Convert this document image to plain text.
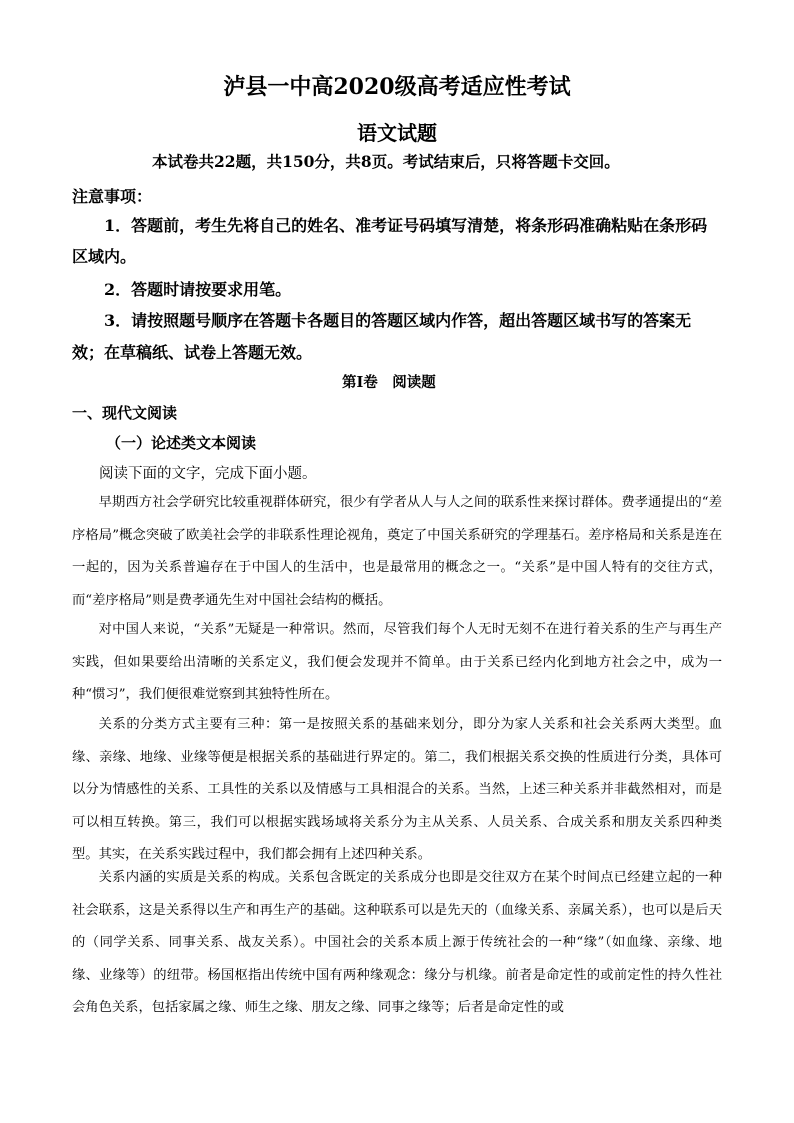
泸县一中高2020级高考适应性考试
语文试题
本试卷共22题，共150分，共8页。考试结束后，只将答题卡交回。
注意事项：
1．答题前，考生先将自己的姓名、准考证号码填写清楚，将条形码准确粘贴在条形码
区域内。
2．答题时请按要求用笔。
3．请按照题号顺序在答题卡各题目的答题区域内作答，超出答题区域书写的答案无
效；在草稿纸、试卷上答题无效。
第Ⅰ卷　阅读题
一、现代文阅读
（一）论述类文本阅读
阅读下面的文字，完成下面小题。
早期西方社会学研究比较重视群体研究，很少有学者从人与人之间的联系性来探讨群体。费孝通提出的“差序格局”概念突破了欧美社会学的非联系性理论视角，奠定了中国关系研究的学理基石。差序格局和关系是连在一起的，因为关系普遍存在于中国人的生活中，也是最常用的概念之一。“关系”是中国人特有的交往方式，而“差序格局”则是费孝通先生对中国社会结构的概括。
对中国人来说，“关系”无疑是一种常识。然而，尽管我们每个人无时无刻不在进行着关系的生产与再生产实践，但如果要给出清晰的关系定义，我们便会发现并不简单。由于关系已经内化到地方社会之中，成为一种“惯习”，我们便很难觉察到其独特性所在。
关系的分类方式主要有三种：第一是按照关系的基础来划分，即分为家人关系和社会关系两大类型。血缘、亲缘、地缘、业缘等便是根据关系的基础进行界定的。第二，我们根据关系交换的性质进行分类，具体可以分为情感性的关系、工具性的关系以及情感与工具相混合的关系。当然，上述三种关系并非截然相对，而是可以相互转换。第三，我们可以根据实践场域将关系分为主从关系、人员关系、合成关系和朋友关系四种类型。其实，在关系实践过程中，我们都会拥有上述四种关系。
关系内涵的实质是关系的构成。关系包含既定的关系成分也即是交往双方在某个时间点已经建立起的一种社会联系，这是关系得以生产和再生产的基础。这种联系可以是先天的（血缘关系、亲属关系），也可以是后天的（同学关系、同事关系、战友关系）。中国社会的关系本质上源于传统社会的一种“缘”（如血缘、亲缘、地缘、业缘等）的纽带。杨国枢指出传统中国有两种缘观念：缘分与机缘。前者是命定性的或前定性的持久性社会角色关系，包括家属之缘、师生之缘、朋友之缘、同事之缘等；后者是命定性的或
